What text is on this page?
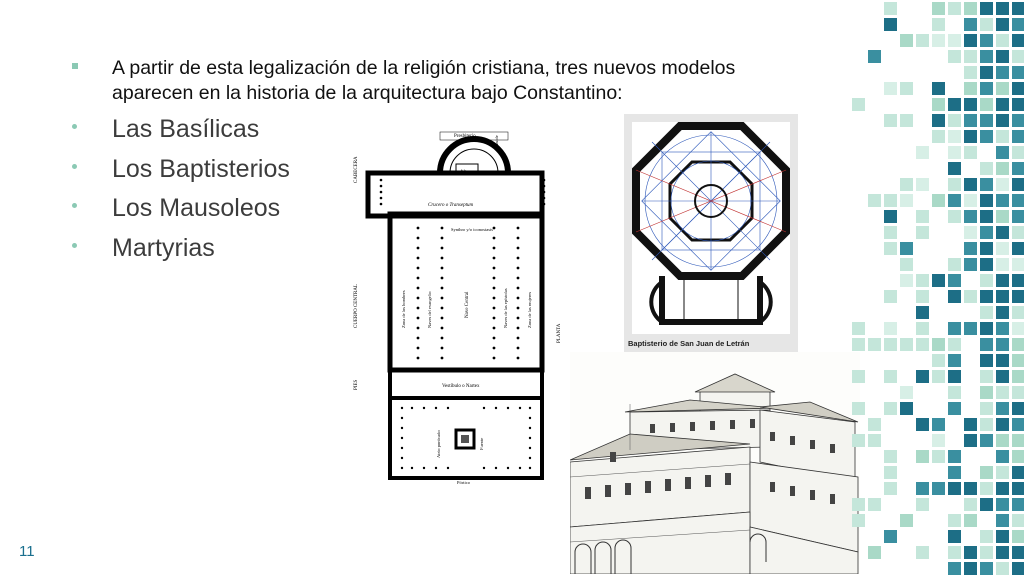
A partir de esta legalización de la religión cristiana, tres nuevos modelos aparecen en la historia de la arquitectura bajo Constantino:
Las Basílicas
Los Baptisterios
Los Mausoleos
Martyrias
11
Altar
Presbiterio	Ábside
Crucero o Transeptum
Synthro y/o iconostasis
CABECERA
Zona de los hombres	Naves del evangelio	Nave Central	Naves de las epístolas	Zona de las mujeres
CUERPO CENTRAL
PLANTA
Vestíbulo o Nartex
PIES
Atrio porticado	Fuente
Pórtico
Baptisterio de San Juan de Letrán
